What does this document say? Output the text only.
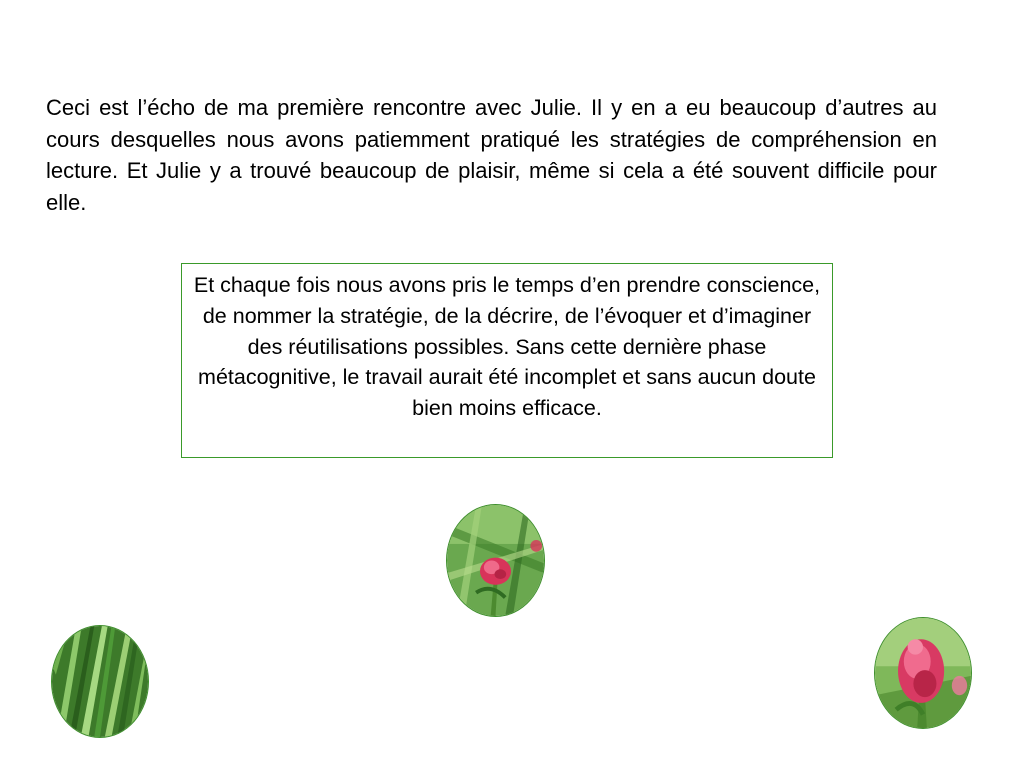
Ceci est l’écho de ma première rencontre avec Julie. Il y en a eu beaucoup d’autres au cours desquelles nous avons patiemment pratiqué les stratégies de compréhension en lecture. Et Julie y a trouvé beaucoup de plaisir, même si cela a été souvent difficile pour elle.

Et chaque fois nous avons pris le temps d’en prendre conscience, de nommer la stratégie, de la décrire, de l’évoquer et d’imaginer des réutilisations possibles. Sans cette dernière phase métacognitive, le travail aurait été incomplet et sans aucun doute bien moins efficace.
